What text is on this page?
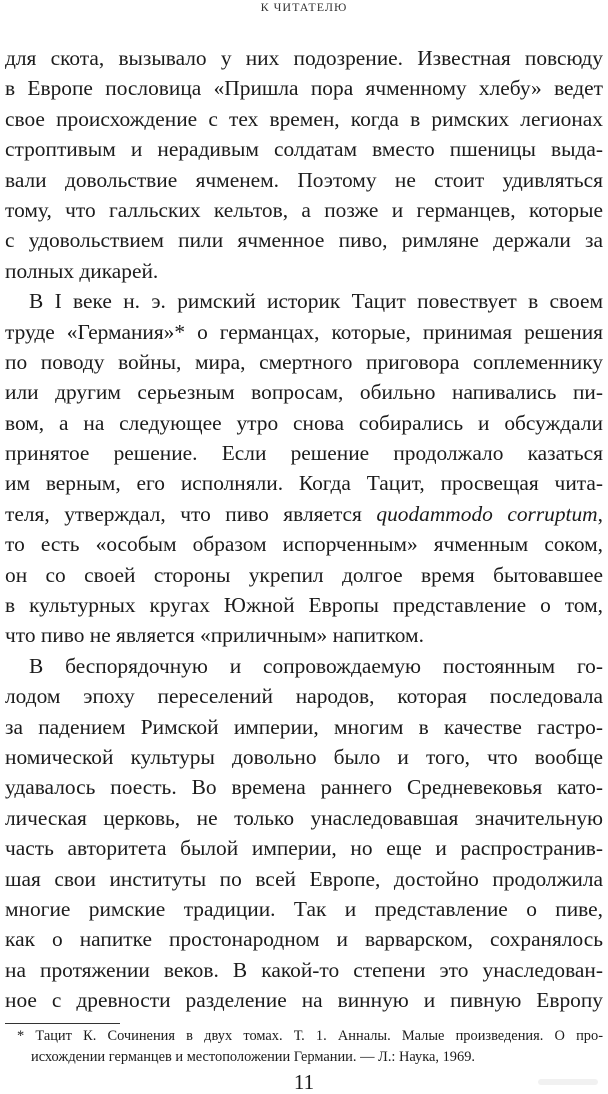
К ЧИТАТЕЛЮ
для скота, вызывало у них подозрение. Известная повсюду
в Европе пословица «Пришла пора ячменному хлебу» ведет
свое происхождение с тех времен, когда в римских легионах
строптивым и нерадивым солдатам вместо пшеницы выда-
вали довольствие ячменем. Поэтому не стоит удивляться
тому, что галльских кельтов, а позже и германцев, которые
с удовольствием пили ячменное пиво, римляне держали за
полных дикарей.
В I веке н. э. римский историк Тацит повествует в своем
труде «Германия»* о германцах, которые, принимая решения
по поводу войны, мира, смертного приговора соплеменнику
или другим серьезным вопросам, обильно напивались пи-
вом, а на следующее утро снова собирались и обсуждали
принятое решение. Если решение продолжало казаться
им верным, его исполняли. Когда Тацит, просвещая чита-
теля, утверждал, что пиво является quodammodo corruptum,
то есть «особым образом испорченным» ячменным соком,
он со своей стороны укрепил долгое время бытовавшее
в культурных кругах Южной Европы представление о том,
что пиво не является «приличным» напитком.
В беспорядочную и сопровождаемую постоянным го-
лодом эпоху переселений народов, которая последовала
за падением Римской империи, многим в качестве гастро-
номической культуры довольно было и того, что вообще
удавалось поесть. Во времена раннего Средневековья като-
лическая церковь, не только унаследовавшая значительную
часть авторитета былой империи, но еще и распространив-
шая свои институты по всей Европе, достойно продолжила
многие римские традиции. Так и представление о пиве,
как о напитке простонародном и варварском, сохранялось
на протяжении веков. В какой-то степени это унаследован-
ное с древности разделение на винную и пивную Европу
* Тацит К. Сочинения в двух томах. Т. 1. Анналы. Малые произведения. О про-
исхождении германцев и местоположении Германии. — Л.: Наука, 1969.
11
